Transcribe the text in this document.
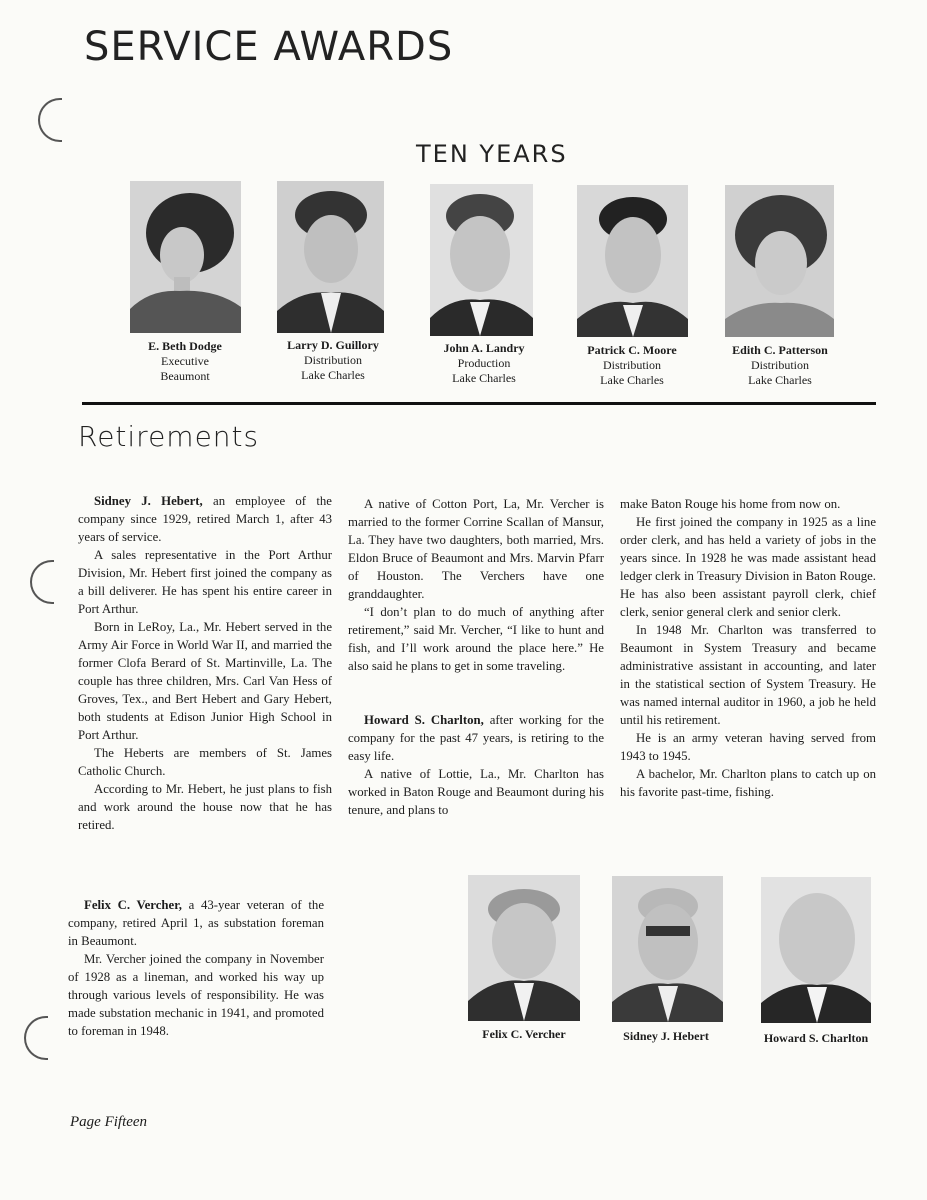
SERVICE AWARDS
TEN YEARS
E. Beth Dodge
Executive
Beaumont
Larry D. Guillory
Distribution
Lake Charles
John A. Landry
Production
Lake Charles
Patrick C. Moore
Distribution
Lake Charles
Edith C. Patterson
Distribution
Lake Charles
Retirements

Sidney J. Hebert, an employee of the company since 1929, retired March 1, after 43 years of service.

A sales representative in the Port Arthur Division, Mr. Hebert first joined the company as a bill deliverer. He has spent his entire career in Port Arthur.

Born in LeRoy, La., Mr. Hebert served in the Army Air Force in World War II, and married the former Clofa Berard of St. Martinville, La. The couple has three children, Mrs. Carl Van Hess of Groves, Tex., and Bert Hebert and Gary Hebert, both students at Edison Junior High School in Port Arthur.

The Heberts are members of St. James Catholic Church.

According to Mr. Hebert, he just plans to fish and work around the house now that he has retired.

Felix C. Vercher, a 43-year veteran of the company, retired April 1, as substation foreman in Beaumont.

Mr. Vercher joined the company in November of 1928 as a lineman, and worked his way up through various levels of responsibility. He was made substation mechanic in 1941, and promoted to foreman in 1948.

A native of Cotton Port, La, Mr. Vercher is married to the former Corrine Scallan of Mansur, La. They have two daughters, both married, Mrs. Eldon Bruce of Beaumont and Mrs. Marvin Pfarr of Houston. The Verchers have one granddaughter.

“I don’t plan to do much of anything after retirement,” said Mr. Vercher, “I like to hunt and fish, and I’ll work around the place here.” He also said he plans to get in some traveling.

Howard S. Charlton, after working for the company for the past 47 years, is retiring to the easy life.

A native of Lottie, La., Mr. Charlton has worked in Baton Rouge and Beaumont during his tenure, and plans to

make Baton Rouge his home from now on.

He first joined the company in 1925 as a line order clerk, and has held a variety of jobs in the years since. In 1928 he was made assistant head ledger clerk in Treasury Division in Baton Rouge. He has also been assistant payroll clerk, chief clerk, senior general clerk and senior clerk.

In 1948 Mr. Charlton was transferred to Beaumont in System Treasury and became administrative assistant in accounting, and later in the statistical section of System Treasury. He was named internal auditor in 1960, a job he held until his retirement.

He is an army veteran having served from 1943 to 1945.

A bachelor, Mr. Charlton plans to catch up on his favorite past-time, fishing.

Felix C. Vercher	Sidney J. Hebert	Howard S. Charlton
Page Fifteen
